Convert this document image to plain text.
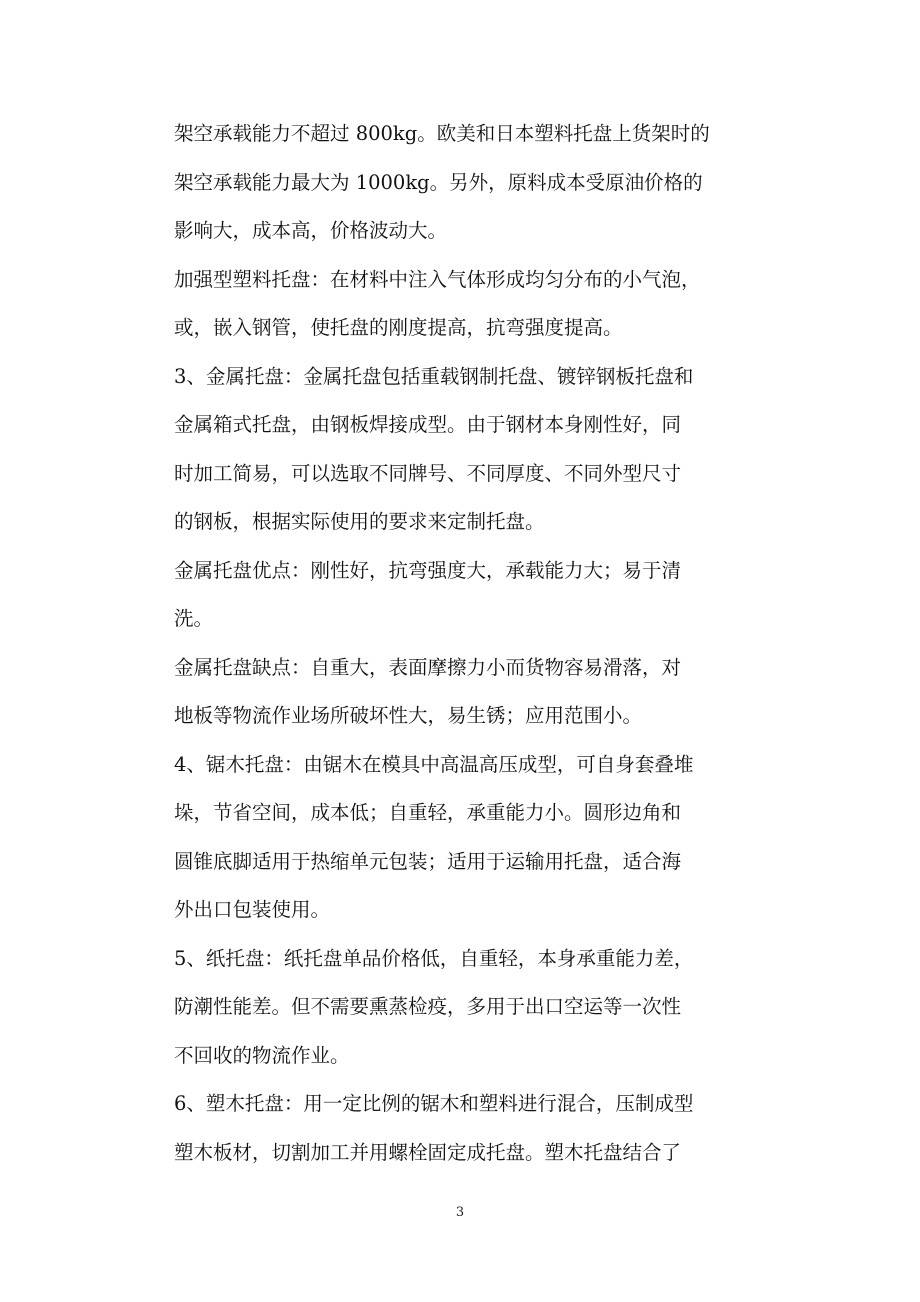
架空承载能力不超过 800kg。欧美和日本塑料托盘上货架时的
架空承载能力最大为 1000kg。另外，原料成本受原油价格的
影响大，成本高，价格波动大。
加强型塑料托盘：在材料中注入气体形成均匀分布的小气泡，
或，嵌入钢管，使托盘的刚度提高，抗弯强度提高。
3、金属托盘：金属托盘包括重载钢制托盘、镀锌钢板托盘和
金属箱式托盘，由钢板焊接成型。由于钢材本身刚性好，同
时加工简易，可以选取不同牌号、不同厚度、不同外型尺寸
的钢板，根据实际使用的要求来定制托盘。
金属托盘优点：刚性好，抗弯强度大，承载能力大；易于清
洗。
金属托盘缺点：自重大，表面摩擦力小而货物容易滑落，对
地板等物流作业场所破坏性大，易生锈；应用范围小。
4、锯木托盘：由锯木在模具中高温高压成型，可自身套叠堆
垛，节省空间，成本低；自重轻，承重能力小。圆形边角和
圆锥底脚适用于热缩单元包装；适用于运输用托盘，适合海
外出口包装使用。
5、纸托盘：纸托盘单品价格低，自重轻，本身承重能力差，
防潮性能差。但不需要熏蒸检疫，多用于出口空运等一次性
不回收的物流作业。
6、塑木托盘：用一定比例的锯木和塑料进行混合，压制成型
塑木板材，切割加工并用螺栓固定成托盘。塑木托盘结合了
3
